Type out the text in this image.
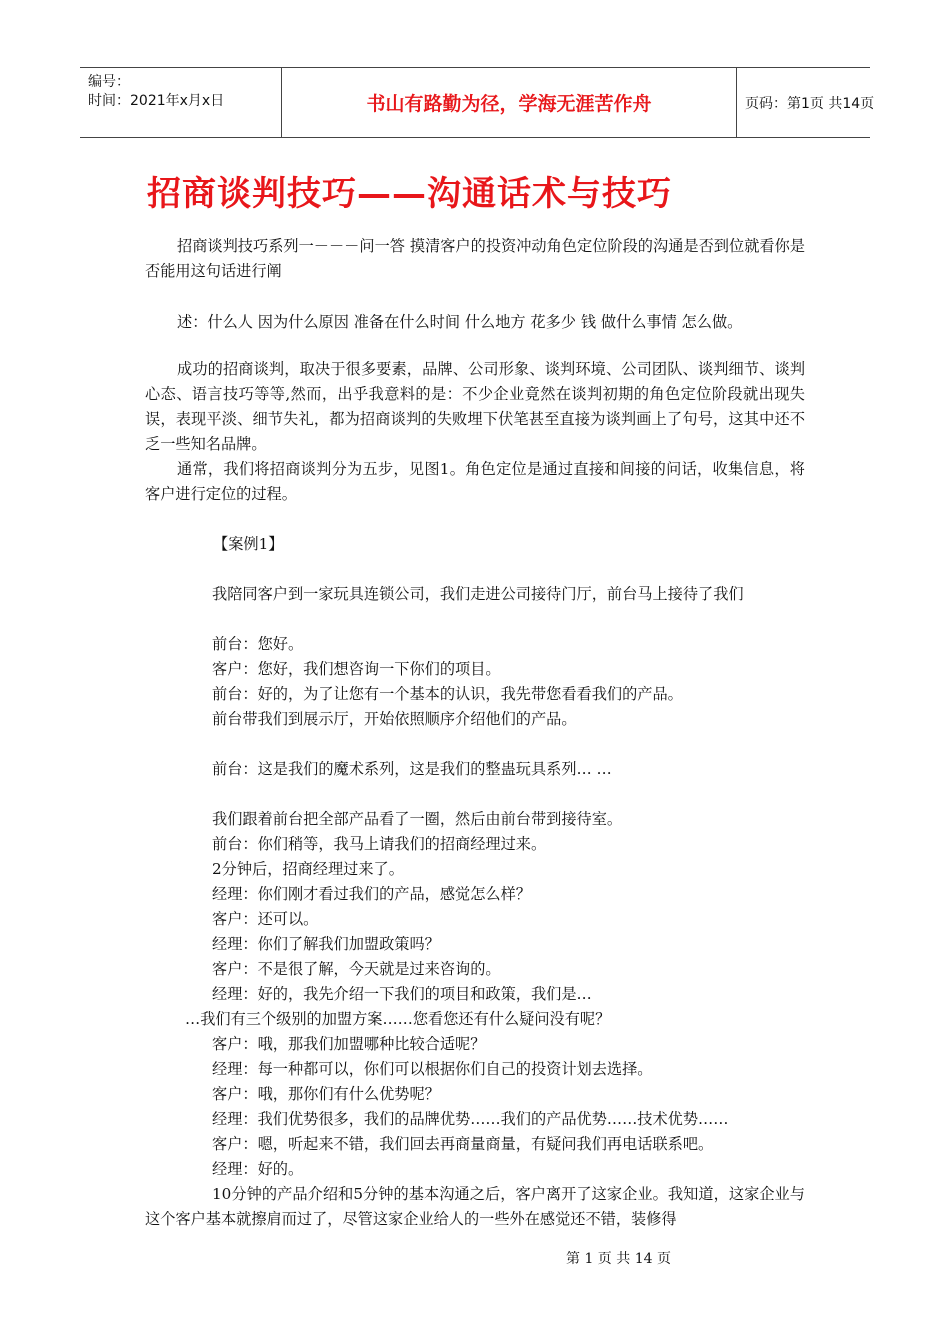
编号：
时间：2021年x月x日	书山有路勤为径，学海无涯苦作舟	页码：第1页 共14页
招商谈判技巧——沟通话术与技巧

招商谈判技巧系列一－－－问一答 摸清客户的投资冲动角色定位阶段的沟通是否到位就看你是否能用这句话进行阐

述：什么人 因为什么原因 准备在什么时间 什么地方 花多少 钱 做什么事情 怎么做。

成功的招商谈判，取决于很多要素，品牌、公司形象、谈判环境、公司团队、谈判细节、谈判心态、语言技巧等等,然而，出乎我意料的是：不少企业竟然在谈判初期的角色定位阶段就出现失误，表现平淡、细节失礼，都为招商谈判的失败埋下伏笔甚至直接为谈判画上了句号，这其中还不乏一些知名品牌。

通常，我们将招商谈判分为五步，见图1。角色定位是通过直接和间接的问话，收集信息，将客户进行定位的过程。

【案例1】

我陪同客户到一家玩具连锁公司，我们走进公司接待门厅，前台马上接待了我们

前台：您好。

客户：您好，我们想咨询一下你们的项目。

前台：好的，为了让您有一个基本的认识，我先带您看看我们的产品。

前台带我们到展示厅，开始依照顺序介绍他们的产品。

前台：这是我们的魔术系列，这是我们的整蛊玩具系列… …

我们跟着前台把全部产品看了一圈，然后由前台带到接待室。

前台：你们稍等，我马上请我们的招商经理过来。

2分钟后，招商经理过来了。

经理：你们刚才看过我们的产品，感觉怎么样？

客户：还可以。

经理：你们了解我们加盟政策吗？

客户：不是很了解，今天就是过来咨询的。

经理：好的，我先介绍一下我们的项目和政策，我们是…

…我们有三个级别的加盟方案……您看您还有什么疑问没有呢？

客户：哦，那我们加盟哪种比较合适呢？

经理：每一种都可以，你们可以根据你们自己的投资计划去选择。

客户：哦，那你们有什么优势呢？

经理：我们优势很多，我们的品牌优势……我们的产品优势……技术优势……

客户：嗯，听起来不错，我们回去再商量商量，有疑问我们再电话联系吧。

经理：好的。

10分钟的产品介绍和5分钟的基本沟通之后，客户离开了这家企业。我知道，这家企业与这个客户基本就擦肩而过了，尽管这家企业给人的一些外在感觉还不错，装修得

第 1 页 共 14 页
